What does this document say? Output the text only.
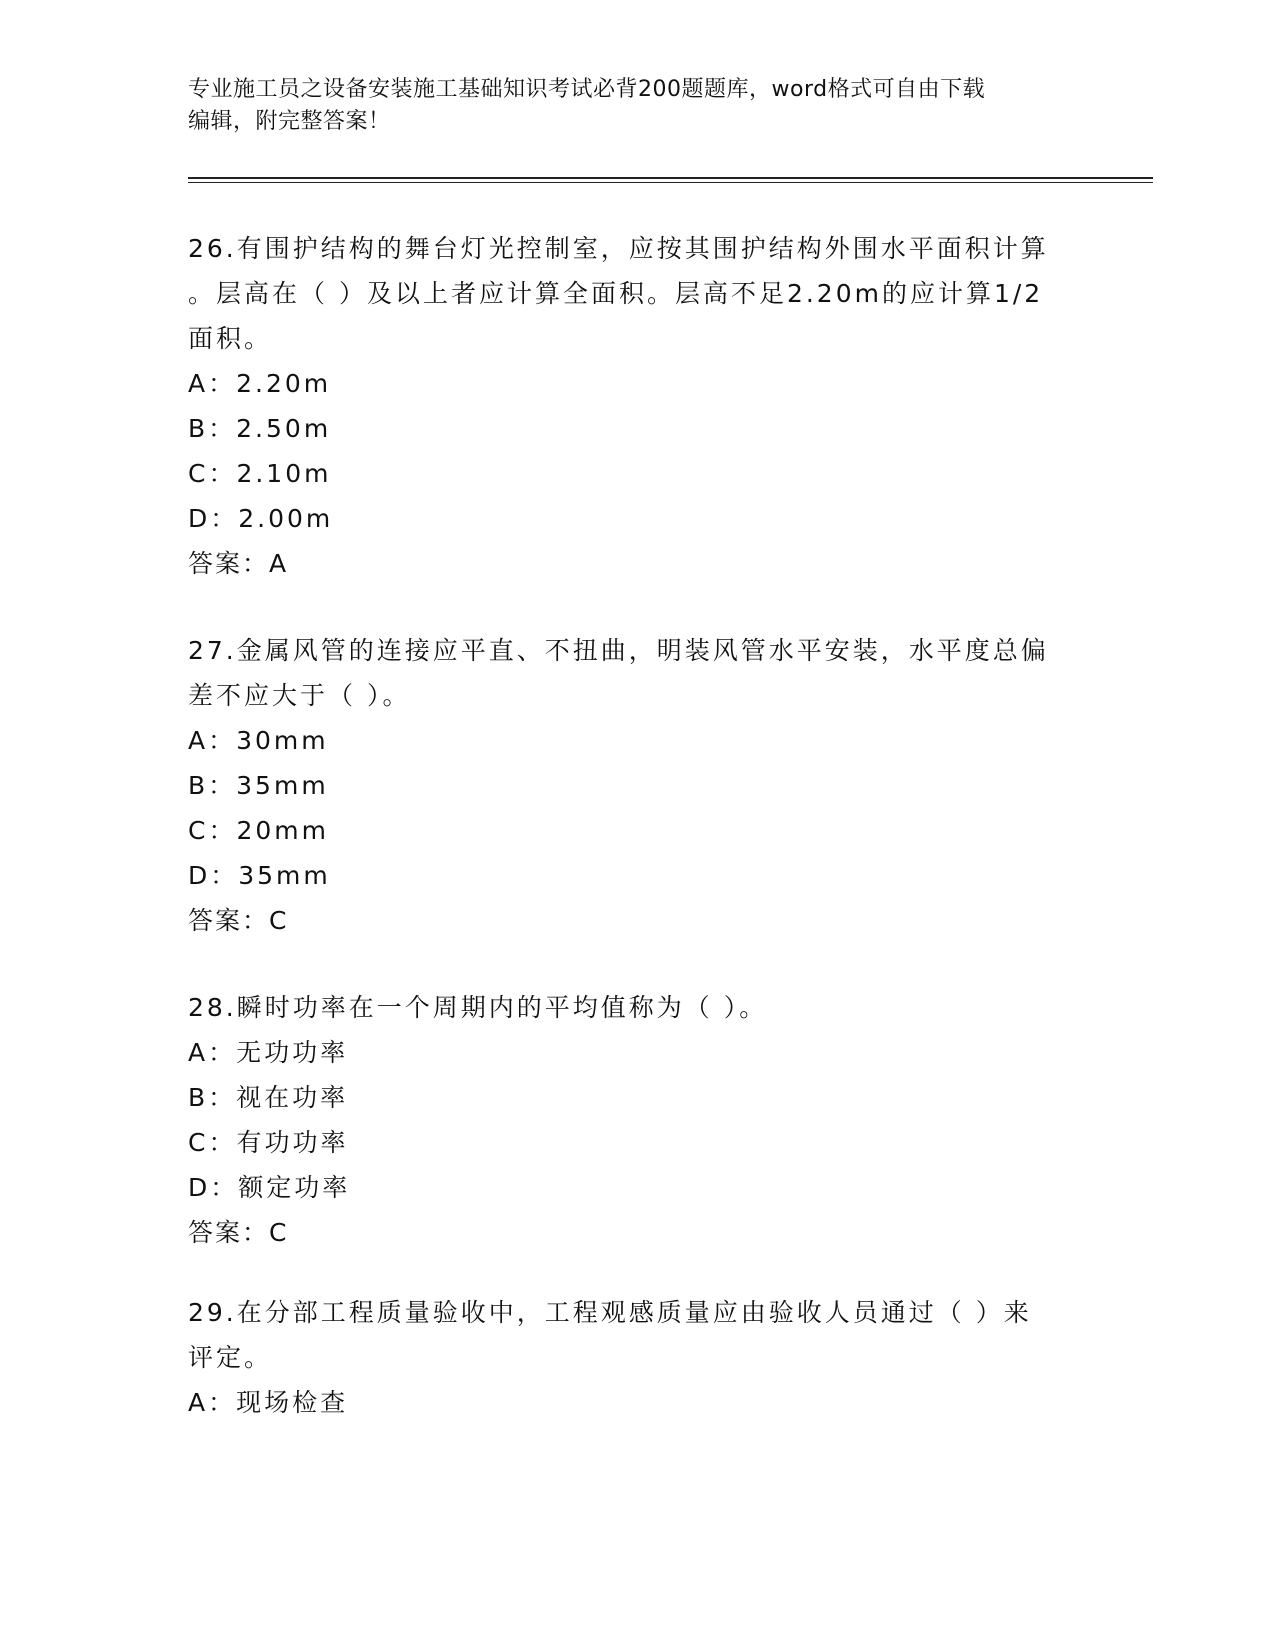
专业施工员之设备安装施工基础知识考试必背200题题库，word格式可自由下载
编辑，附完整答案！
26.有围护结构的舞台灯光控制室，应按其围护结构外围水平面积计算
。层高在（ ）及以上者应计算全面积。层高不足2.20m的应计算1/2
面积。
A：2.20m
B：2.50m
C：2.10m
D：2.00m
答案：A
27.金属风管的连接应平直、不扭曲，明装风管水平安装，水平度总偏
差不应大于（ ）。
A：30mm
B：35mm
C：20mm
D：35mm
答案：C
28.瞬时功率在一个周期内的平均值称为（ ）。
A：无功功率
B：视在功率
C：有功功率
D：额定功率
答案：C
29.在分部工程质量验收中，工程观感质量应由验收人员通过（ ）来
评定。
A：现场检查
